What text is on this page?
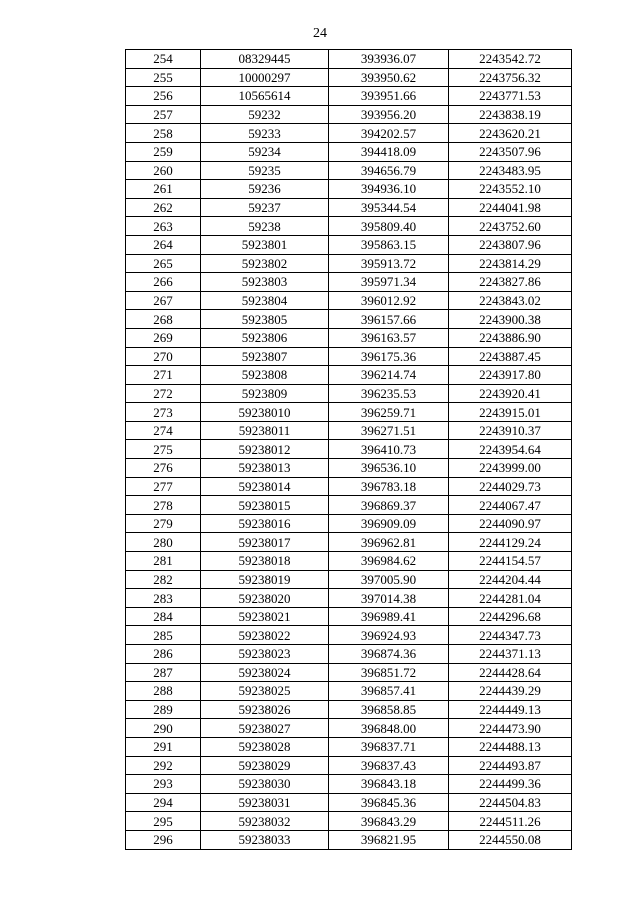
24
254	08329445	393936.07	2243542.72
255	10000297	393950.62	2243756.32
256	10565614	393951.66	2243771.53
257	59232	393956.20	2243838.19
258	59233	394202.57	2243620.21
259	59234	394418.09	2243507.96
260	59235	394656.79	2243483.95
261	59236	394936.10	2243552.10
262	59237	395344.54	2244041.98
263	59238	395809.40	2243752.60
264	5923801	395863.15	2243807.96
265	5923802	395913.72	2243814.29
266	5923803	395971.34	2243827.86
267	5923804	396012.92	2243843.02
268	5923805	396157.66	2243900.38
269	5923806	396163.57	2243886.90
270	5923807	396175.36	2243887.45
271	5923808	396214.74	2243917.80
272	5923809	396235.53	2243920.41
273	59238010	396259.71	2243915.01
274	59238011	396271.51	2243910.37
275	59238012	396410.73	2243954.64
276	59238013	396536.10	2243999.00
277	59238014	396783.18	2244029.73
278	59238015	396869.37	2244067.47
279	59238016	396909.09	2244090.97
280	59238017	396962.81	2244129.24
281	59238018	396984.62	2244154.57
282	59238019	397005.90	2244204.44
283	59238020	397014.38	2244281.04
284	59238021	396989.41	2244296.68
285	59238022	396924.93	2244347.73
286	59238023	396874.36	2244371.13
287	59238024	396851.72	2244428.64
288	59238025	396857.41	2244439.29
289	59238026	396858.85	2244449.13
290	59238027	396848.00	2244473.90
291	59238028	396837.71	2244488.13
292	59238029	396837.43	2244493.87
293	59238030	396843.18	2244499.36
294	59238031	396845.36	2244504.83
295	59238032	396843.29	2244511.26
296	59238033	396821.95	2244550.08
